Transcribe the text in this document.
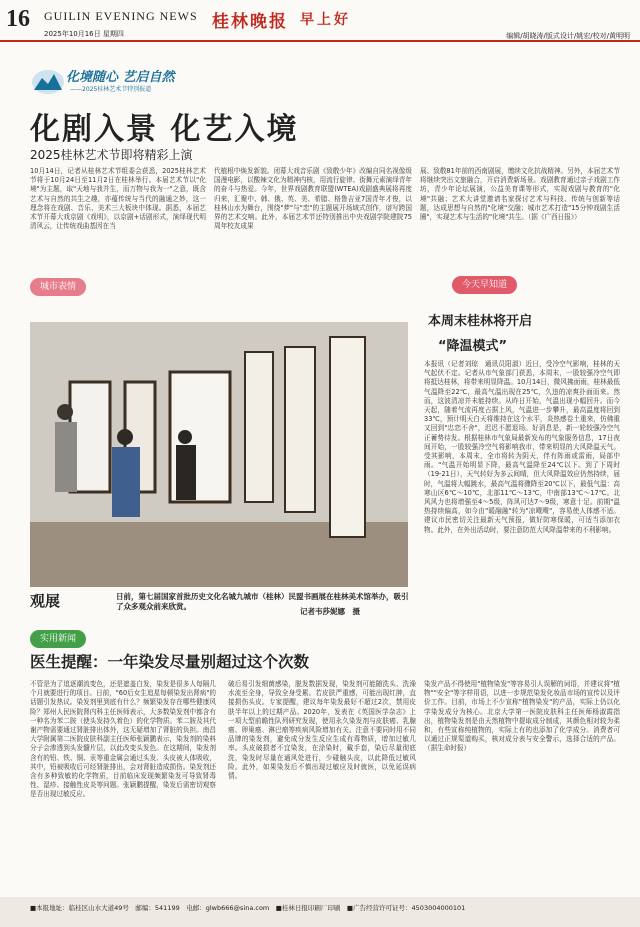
16 GUILIN EVENING NEWS
2025年10月16日 星期四
桂林晚报 早上好
编辑/胡晓涛/版式设计/姚宏/校对/黄明明
化境随心 艺启自然
——2025桂林艺术节特别报道
化剧入景 化艺入境
2025桂林艺术节即将精彩上演
10月14日，记者从桂林艺术节组委会获悉，2025桂林艺术节将于10月24日至11月2日在桂林举行。本届艺术节以"化境"为主题，取"天地与我并生，而万物与我为一"之意，既含艺术与自然的共生之趣，亦蕴传统与当代的融通之妙，这一理念将在戏剧、音乐、美术三大板块中体现。据悉，本届艺术节开幕大戏京剧《戏明》，以京剧+话剧形式，演绎现代明清风云，让传统戏曲基因在当
代植根中焕发新貌。闭幕大戏音乐剧《致敬少年》改编自同名视像级国漫电影，以酸辣文化为精神内核，用流行旋律、街舞元素演绎青年的奋斗与热爱。今年，世界戏剧教育联盟(WTEA)戏剧盛典展将再度归来，汇聚中、韩、俄、英、美、希腊、格鲁吉亚7国青年才俊，以桂林山水为舞台，围绕"梦"与"恋"的主题展开场域式创作，谱写跨国界的艺术交响。此外，本届艺术节还特别推出中央戏剧学院建院75周年校友成果
展、致敬81年前的西南剧展，缴续文化抗战精神。另外，本届艺术节将继续突出文旅融合，开启消费新场景。戏剧教育通过亲子戏剧工作坊，青少年论坛展演，公益美育课等形式，实现戏剧与教育的"化境"共融；艺术大讲堂邀请名家探讨艺术与科技、传统与创新等话题，达成思想与自然的"化境"交融；城市艺术打造"15分钟戏剧生活圈"，实现艺术与生活的"化境"共生。（据《广西日报》）
城市表情	今天早知道
观展	日前，第七届国家首批历史文化名城九城市（桂林）民盟书画展在桂林美术馆举办，吸引了众多观众前来欣赏。
记者韦莎妮娜　摄
本周末桂林将开启
“降温模式”
本报讯（记者刘琼　通讯员阳淑）近日，受冷空气影响，桂林的天气起伏不定。记者从市气象部门获悉，本周末，一股较强冷空气即将抵达桂林，将带来明显降温。10月14日，微风拂面雨，桂林最低气温降至22℃，最高气温出现在25℃，久违的凉爽扑面而来。然而，这波清凉并未能持续。从昨日开始，气温出现小幅回升。而今天起，随着气流再度占据上风，气温进一步攀升，最高温度将回到33℃，预计明天白天将维持在这个水平，炎热感卷土重来，仿佛重又回到"忠恋不舍"，迟迟不愿退场。好消息是，新一轮较强冷空气正蓄势待发。根据桂林市气象局最新发布的气象服务信息，17日夜间开始，一股较强冷空气将影响我市，带来明显的大风降温天气。受其影响，本周末，全市将转为阴天，伴有阵雨或雷雨，局部中雨。"气温开始明显下降，最高气温降至24℃以下。到了下周时（19-21日），天气转好为多云间晴，但大风降温效应仍然持续，届时，气温将大幅跳水，最高气温将骤降至20℃以下，最低气温：高寒山区6℃～10℃，北部11℃～13℃，中南部13℃～17℃。北风风力也将增强至4～5级，阵风可达7～9级，寒意十足。前期"温热持续偏高，如今由"暖融融"转为"凉飕飕"，容易使人体感不适。建议市民密切关注最新天气预报，做好防寒保暖，可适当添加衣物。此外，在外出活动时，要注意防范大风降温带来的不利影响。
实用新闻
医生提醒：一年染发尽量别超过这个次数
不管是为了追逐潮流变色，还是遮盖白发，染发是很多人每隔几个月就要进行的项目。日前，"60后女生追星每顿染发出肾病"的话题引发热议。染发剂里到底有什么？频繁染发存在哪些健康风险？郑州人民医院肾内科主任医师表示，大多数染发剂中都含有一种名为苯二胺（使头发持久着色）的化学物质。苯二胺及其代谢产物需要通过肾脏排出体外，这无疑增加了肾脏的负担。南昌大学附属第二医院皮肤科副主任医师张颖鹏表示，染发剂的染料分子会渗透到头发髓片层，以此改变头发色。在这期间，染发剂含有的铅、铁、铜、汞等重金属会通过头发、头皮被人体吸收，其中，铅被吸收后可经肾脏排出，会对肾脏造成损伤。染发剂还含有多种致敏的化学物质，目前临床发现频繁染发可导致肾毒性、湿疹、接触性皮炎等问题。张颖鹏提醒，染发后需密切观察是否出现过敏反应。
破后易引发细菌感染，脱发数据发现，染发剂可能随洗头、洗澡水流至全身，导致全身受累。若皮肤严重感，可能出现红肿，直接损伤头皮。专家提醒，建议每年染发最好不超过2次，禁用皮肤半年以上的过期产品。2020年，发表在《英国医学杂志》上一项大型前瞻性队列研究发现，使用永久染发剂与皮肤癌、乳腺癌、卵巢癌、淋巴瘤等疾病风险增加有关。注意不要同时用不同品牌的染发剂，避免成分发生反应生成有毒物质，增加过敏几率。头皮破损者不宜染发，在涂染时，戴手套，染后尽量彻底洗，染发时尽量在通风处进行，少碰触头皮，以此降低过敏风险。此外，如果染发后不慎出现过敏应及时就医，以免延误病情。
染发产品不得使用"植物染发"等容易引人误解的词语，并建议将"植物""安全"等字样用语，以进一步规范染发化妆品市场的宣传以及评价工作。目前，市场上不少宣称"植物染发"的产品，实际上仍以化学染发成分为核心。北京大学第一医院皮肤科主任医师杨淑霞指出，植物染发剂是由天然植物中提取成分制成，其颜色相对较为柔和，有些宣称纯植物的，实际上有的也添加了化学成分。消费者可以通过正规渠道购买，核对成分表与安全警示，选择合适的产品。（据生命时报）
■本报地址：临桂区山水大道49号　邮编：541199　电邮：glwb666@sina.com　■桂林日报印刷厂印刷　■广告经营许可证号：4503004000101
